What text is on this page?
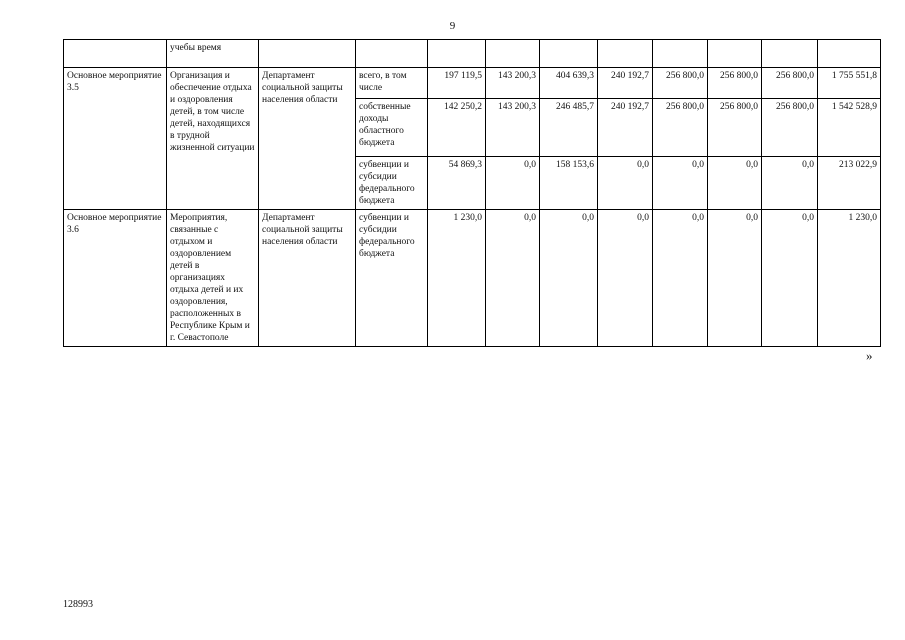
9
	учебы время										
Основное мероприятие 3.5	Организация и обеспечение отдыха и оздоровления детей, в том числе детей, находящихся в трудной жизненной ситуации	Департамент социальной защиты населения области	всего, в том числе	197 119,5	143 200,3	404 639,3	240 192,7	256 800,0	256 800,0	256 800,0	1 755 551,8
			собственные доходы областного бюджета	142 250,2	143 200,3	246 485,7	240 192,7	256 800,0	256 800,0	256 800,0	1 542 528,9
			субвенции и субсидии федерального бюджета	54 869,3	0,0	158 153,6	0,0	0,0	0,0	0,0	213 022,9
Основное мероприятие 3.6	Мероприятия, связанные с отдыхом и оздоровлением детей в организациях отдыха детей и их оздоровления, расположенных в Республике Крым и г. Севастополе	Департамент социальной защиты населения области	субвенции и субсидии федерального бюджета	1 230,0	0,0	0,0	0,0	0,0	0,0	0,0	1 230,0
»
128993
